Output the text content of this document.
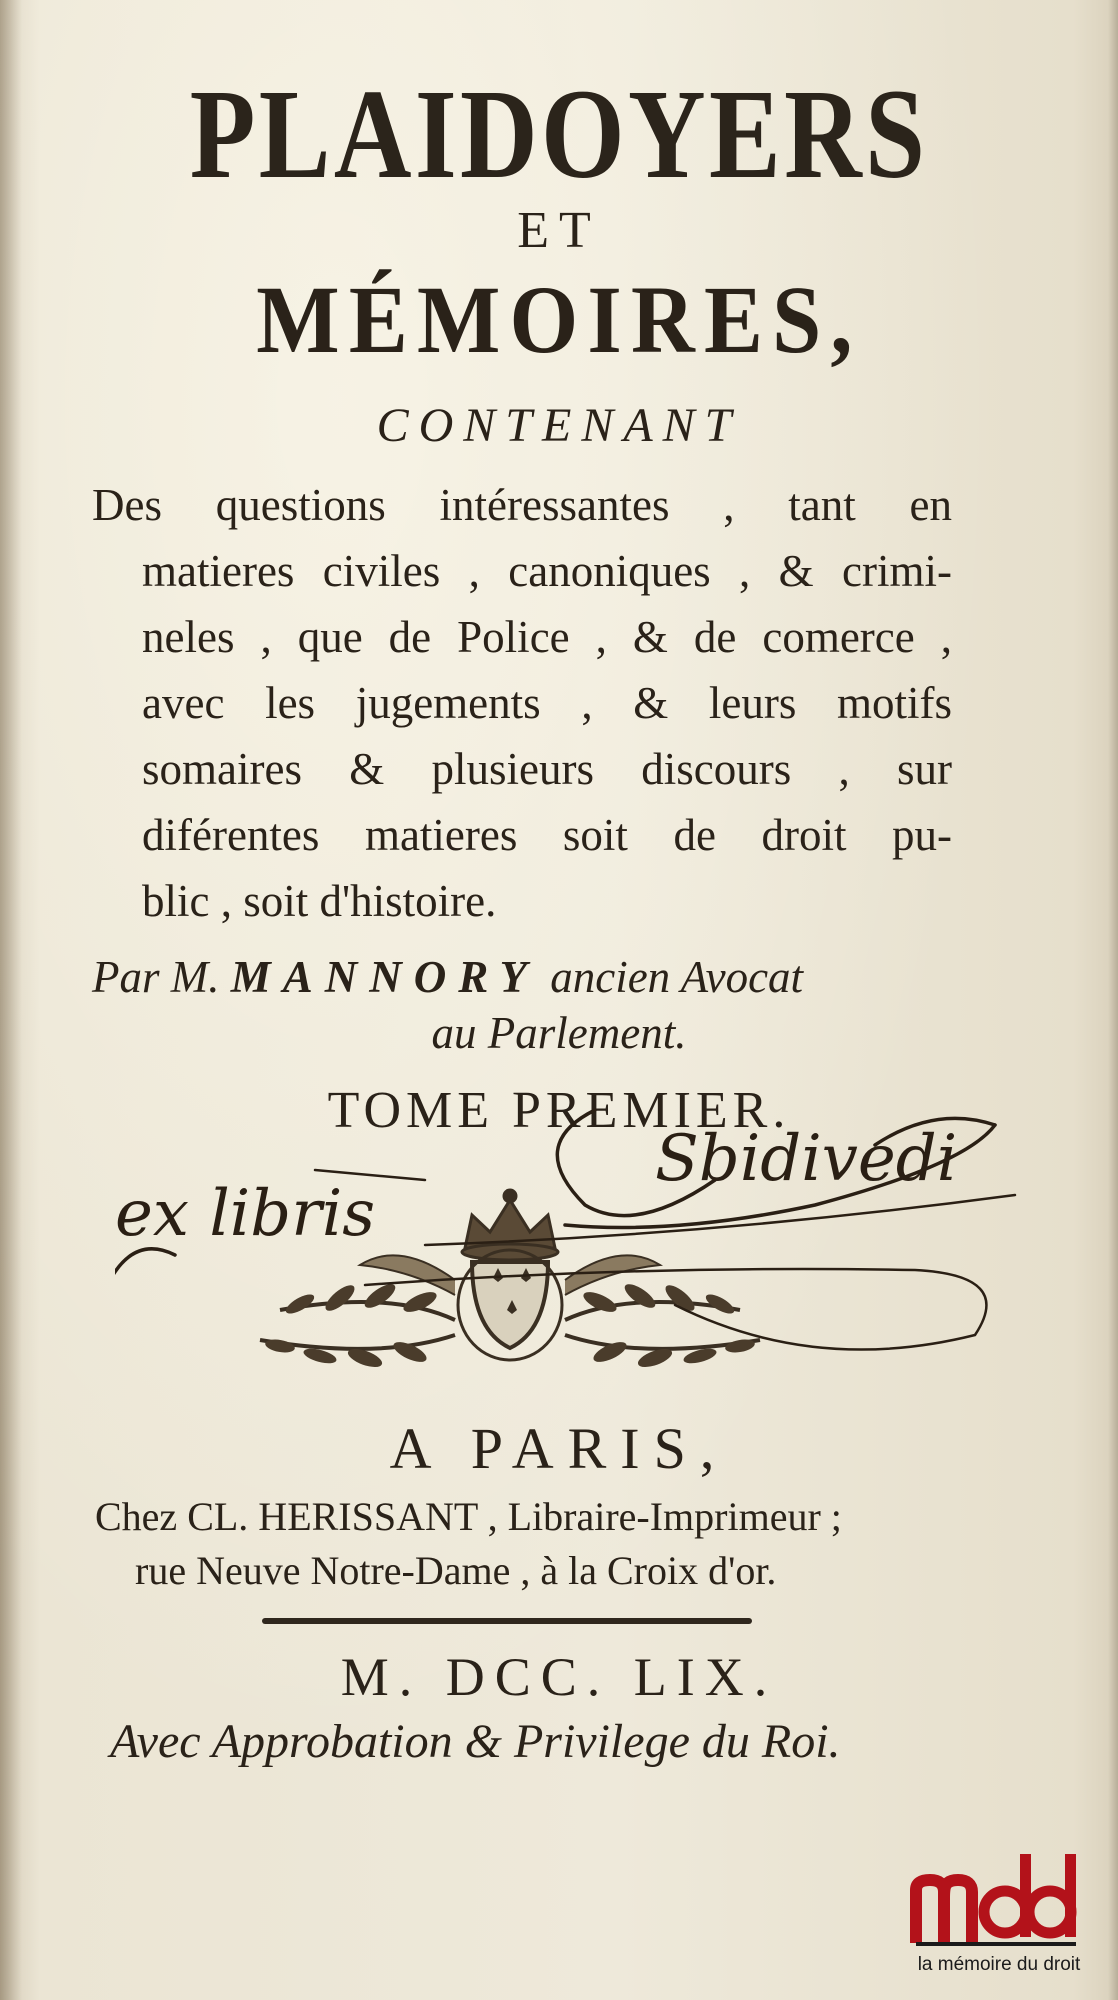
PLAIDOYERS
ET
MÉMOIRES,
CONTENANT
Des questions intéressantes , tant en
matieres civiles , canoniques , & crimi-
neles , que de Police , & de comerce ,
avec les jugements , & leurs motifs
somaires & plusieurs discours , sur
diférentes matieres soit de droit pu-
blic , soit d'histoire.
Par M. MANNORY ancien Avocat
au Parlement.
TOME PREMIER.
ex libris
Sbidivedi
A PARIS,
Chez CL. HERISSANT , Libraire-Imprimeur ;
rue Neuve Notre-Dame , à la Croix d'or.
M. DCC. LIX.
Avec Approbation & Privilege du Roi.
la mémoire du droit
